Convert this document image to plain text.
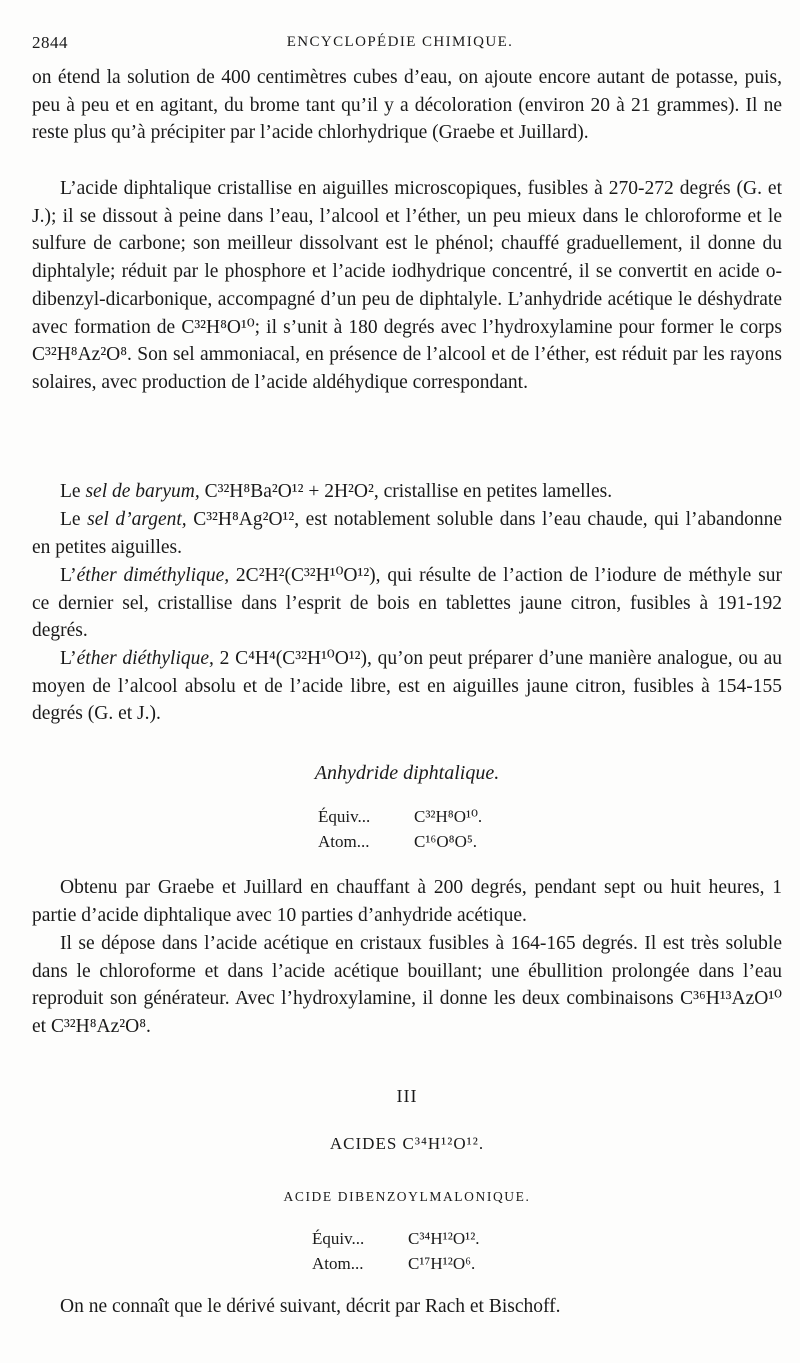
2844	ENCYCLOPÉDIE CHIMIQUE.

on étend la solution de 400 centimètres cubes d’eau, on ajoute encore autant de potasse, puis, peu à peu et en agitant, du brome tant qu’il y a décoloration (environ 20 à 21 grammes). Il ne reste plus qu’à précipiter par l’acide chlorhydrique (Graebe et Juillard).

L’acide diphtalique cristallise en aiguilles microscopiques, fusibles à 270-272 degrés (G. et J.); il se dissout à peine dans l’eau, l’alcool et l’éther, un peu mieux dans le chloroforme et le sulfure de carbone; son meilleur dissolvant est le phénol; chauffé graduellement, il donne du diphtalyle; réduit par le phosphore et l’acide iodhydrique concentré, il se convertit en acide o-dibenzyl-dicarbonique, accompagné d’un peu de diphtalyle. L’anhydride acétique le déshydrate avec formation de C³²H⁸O¹⁰; il s’unit à 180 degrés avec l’hydroxylamine pour former le corps C³²H⁸Az²O⁸. Son sel ammoniacal, en présence de l’alcool et de l’éther, est réduit par les rayons solaires, avec production de l’acide aldéhydique correspondant.

Le sel de baryum, C³²H⁸Ba²O¹² + 2H²O², cristallise en petites lamelles.

Le sel d’argent, C³²H⁸Ag²O¹², est notablement soluble dans l’eau chaude, qui l’abandonne en petites aiguilles.

L’éther diméthylique, 2C²H²(C³²H¹⁰O¹²), qui résulte de l’action de l’iodure de méthyle sur ce dernier sel, cristallise dans l’esprit de bois en tablettes jaune citron, fusibles à 191-192 degrés.

L’éther diéthylique, 2 C⁴H⁴(C³²H¹⁰O¹²), qu’on peut préparer d’une manière analogue, ou au moyen de l’alcool absolu et de l’acide libre, est en aiguilles jaune citron, fusibles à 154-155 degrés (G. et J.).

Anhydride diphtalique.
Équiv...	C³²H⁸O¹⁰.
Atom...	C¹⁶O⁸O⁵.

Obtenu par Graebe et Juillard en chauffant à 200 degrés, pendant sept ou huit heures, 1 partie d’acide diphtalique avec 10 parties d’anhydride acétique.

Il se dépose dans l’acide acétique en cristaux fusibles à 164-165 degrés. Il est très soluble dans le chloroforme et dans l’acide acétique bouillant; une ébullition prolongée dans l’eau reproduit son générateur. Avec l’hydroxylamine, il donne les deux combinaisons C³⁶H¹³AzO¹⁰ et C³²H⁸Az²O⁸.

III
ACIDES C³⁴H¹²O¹².
ACIDE DIBENZOYLMALONIQUE.
Équiv...	C³⁴H¹²O¹².
Atom...	C¹⁷H¹²O⁶.

On ne connaît que le dérivé suivant, décrit par Rach et Bischoff.
